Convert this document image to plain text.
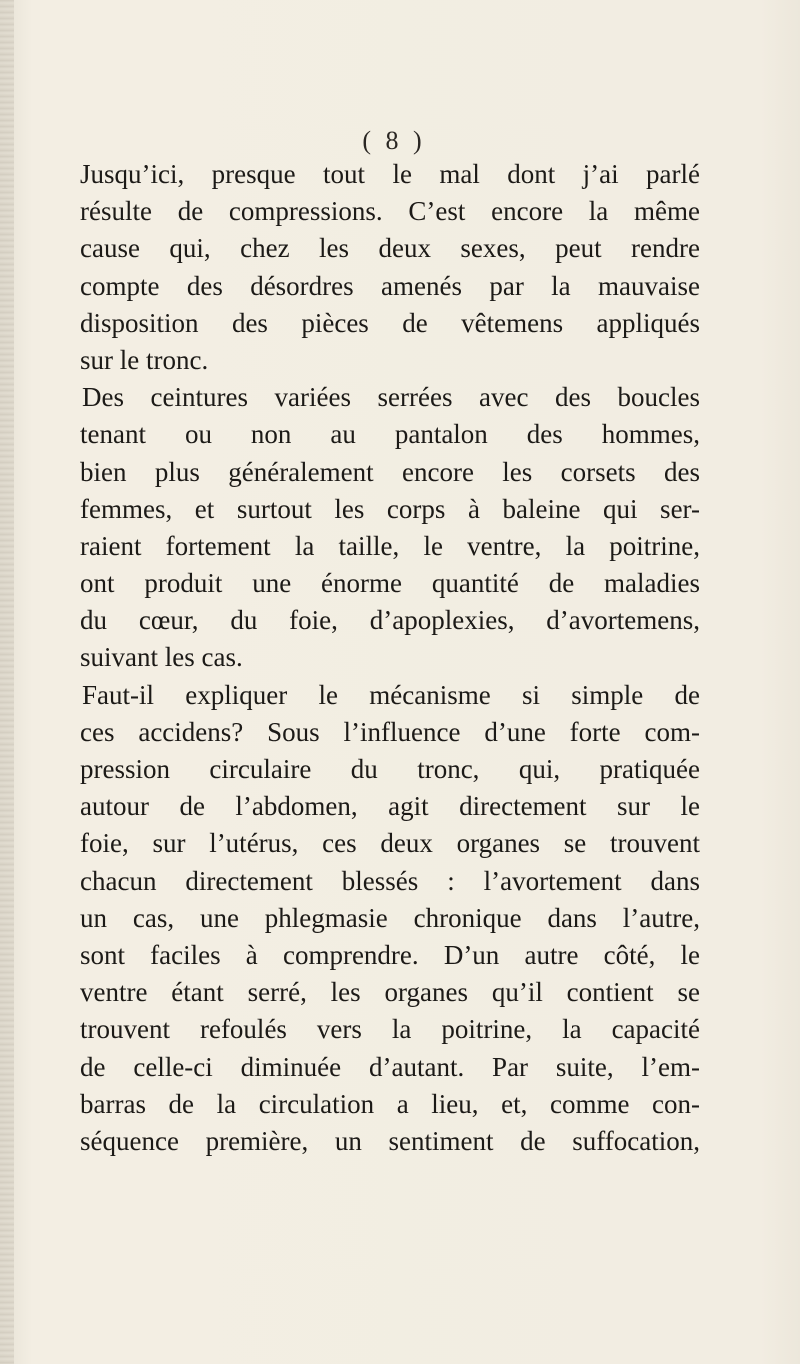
( 8 )
Jusqu’ici, presque tout le mal dont j’ai parlé
résulte de compressions. C’est encore la même
cause qui, chez les deux sexes, peut rendre
compte des désordres amenés par la mauvaise
disposition des pièces de vêtemens appliqués
sur le tronc.
Des ceintures variées serrées avec des boucles
tenant ou non au pantalon des hommes,
bien plus généralement encore les corsets des
femmes, et surtout les corps à baleine qui ser-
raient fortement la taille, le ventre, la poitrine,
ont produit une énorme quantité de maladies
du cœur, du foie, d’apoplexies, d’avortemens,
suivant les cas.
Faut-il expliquer le mécanisme si simple de
ces accidens? Sous l’influence d’une forte com-
pression circulaire du tronc, qui, pratiquée
autour de l’abdomen, agit directement sur le
foie, sur l’utérus, ces deux organes se trouvent
chacun directement blessés : l’avortement dans
un cas, une phlegmasie chronique dans l’autre,
sont faciles à comprendre. D’un autre côté, le
ventre étant serré, les organes qu’il contient se
trouvent refoulés vers la poitrine, la capacité
de celle-ci diminuée d’autant. Par suite, l’em-
barras de la circulation a lieu, et, comme con-
séquence première, un sentiment de suffocation,
